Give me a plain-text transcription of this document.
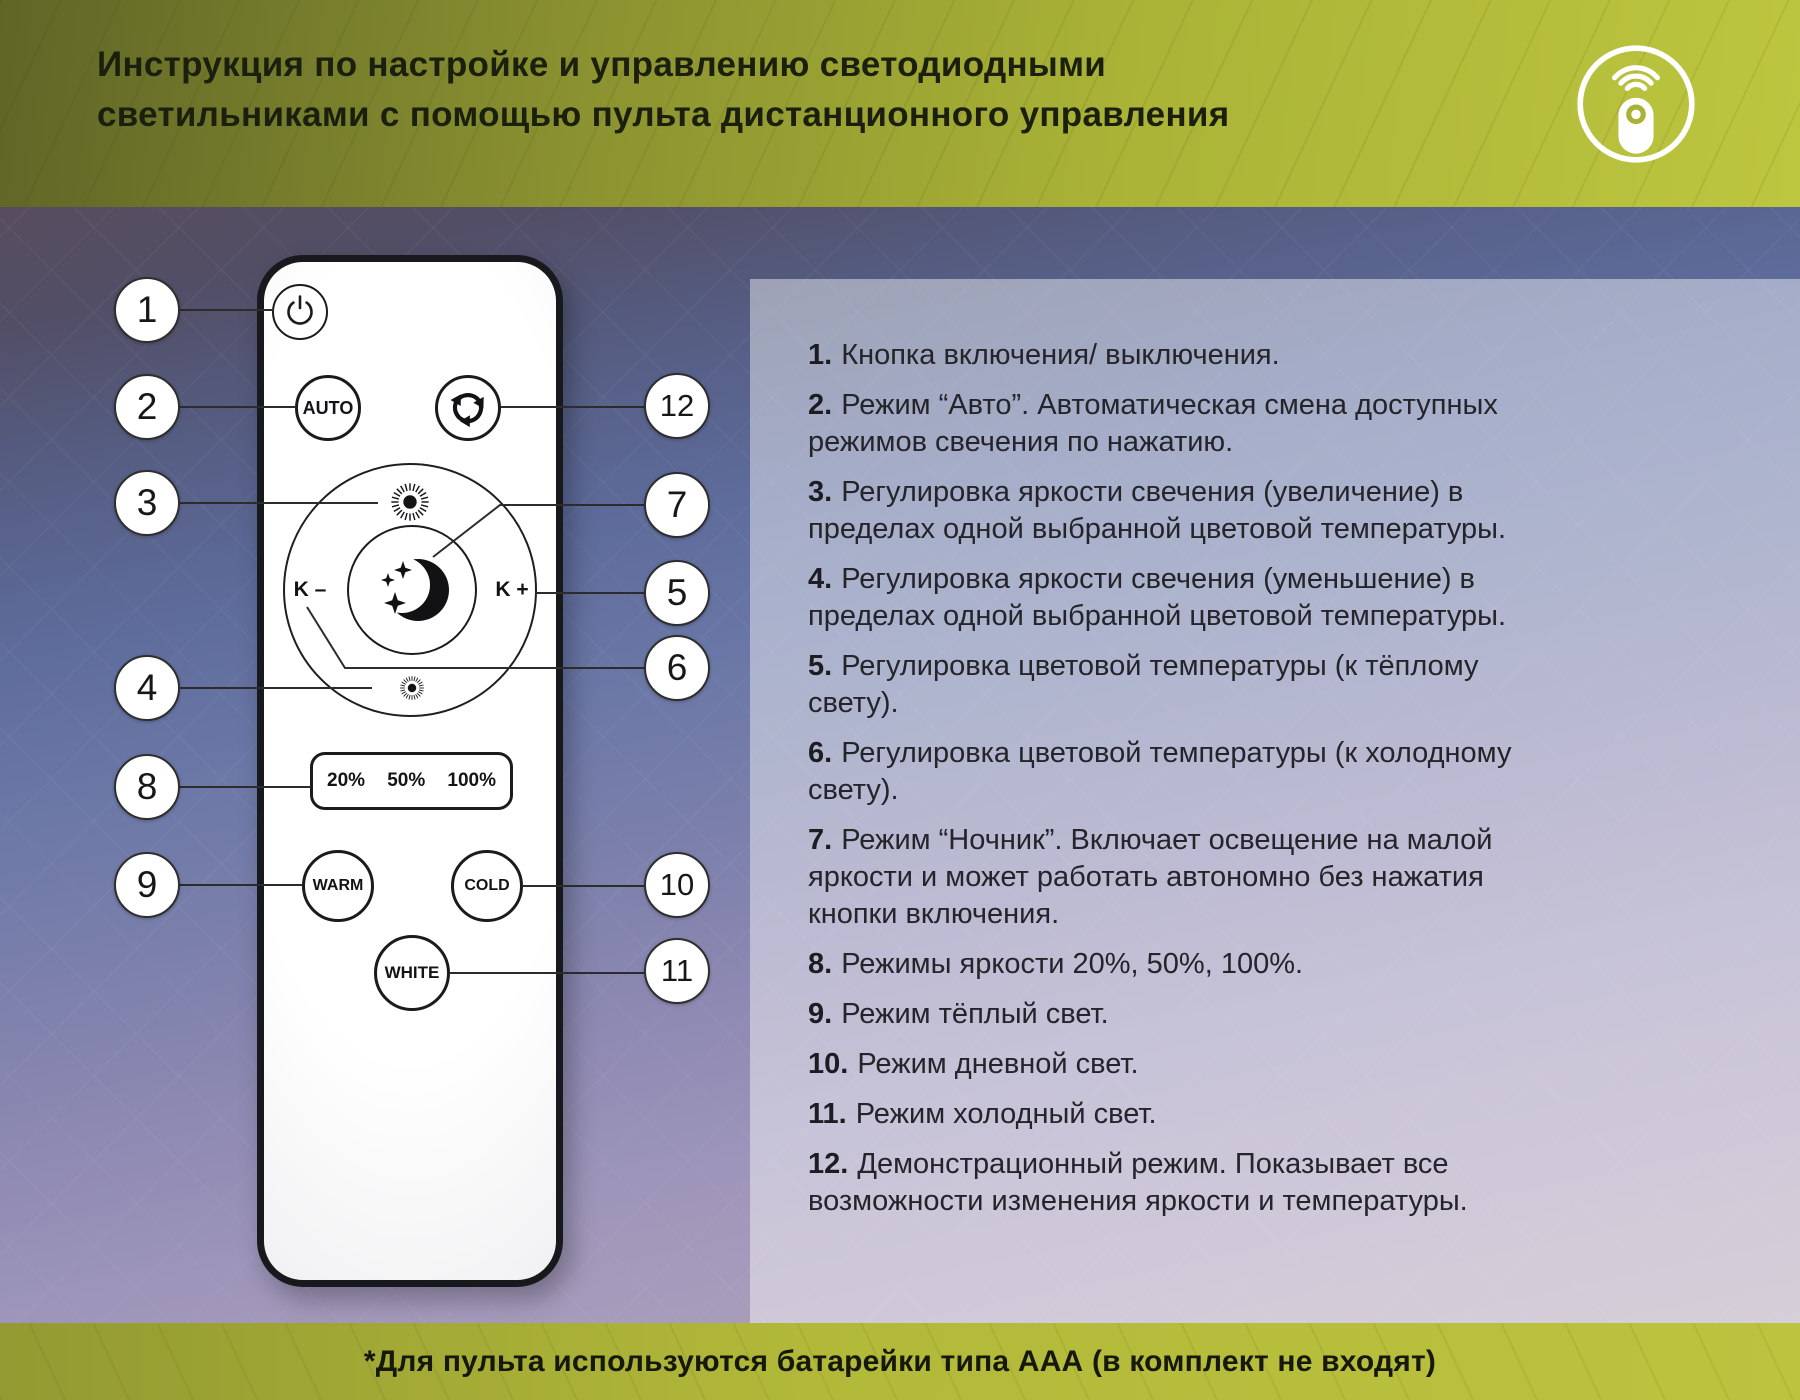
Инструкция по настройке и управлению светодиодными
светильниками с помощью пульта дистанционного управления
AUTO
K –	K +
20% 50% 100%
WARM	COLD
WHITE
1
2
3
4
8
9
12
7
5
6
10
11
1. Кнопка включения/ выключения.
2. Режим “Авто”. Автоматическая смена доступных режимов свечения по нажатию.
3. Регулировка яркости свечения (увеличение) в пределах одной выбранной цветовой температуры.
4. Регулировка яркости свечения (уменьшение) в пределах одной выбранной цветовой температуры.
5. Регулировка цветовой температуры (к тёплому свету).
6. Регулировка цветовой температуры (к холодному свету).
7. Режим “Ночник”. Включает освещение на малой яркости и может работать автономно без нажатия кнопки включения.
8. Режимы яркости 20%, 50%, 100%.
9. Режим тёплый свет.
10. Режим дневной свет.
11. Режим холодный свет.
12. Демонстрационный режим. Показывает все возможности изменения яркости и температуры.
*Для пульта используются батарейки типа ААА (в комплект не входят)
